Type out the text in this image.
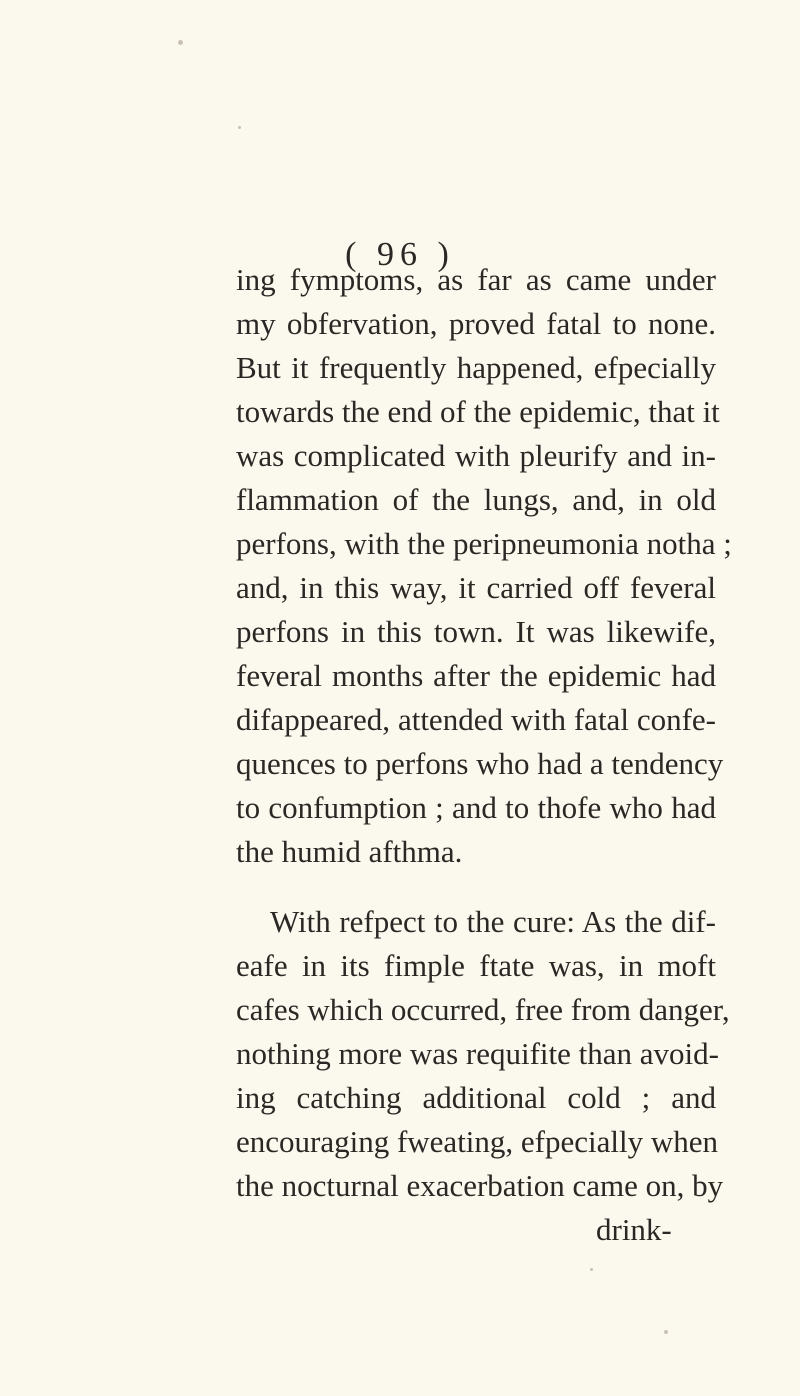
( 96 )
ing fymptoms, as far as came under
my obfervation, proved fatal to none.
But it frequently happened, efpecially
towards the end of the epidemic, that it
was complicated with pleurify and in-
flammation of the lungs, and, in old
perfons, with the peripneumonia notha ;
and, in this way, it carried off feveral
perfons in this town. It was likewife,
feveral months after the epidemic had
difappeared, attended with fatal confe-
quences to perfons who had a tendency
to confumption ; and to thofe who had
the humid afthma.
With refpect to the cure: As the dif-
eafe in its fimple ftate was, in moft
cafes which occurred, free from danger,
nothing more was requifite than avoid-
ing catching additional cold ; and
encouraging fweating, efpecially when
the nocturnal exacerbation came on, by
drink-
